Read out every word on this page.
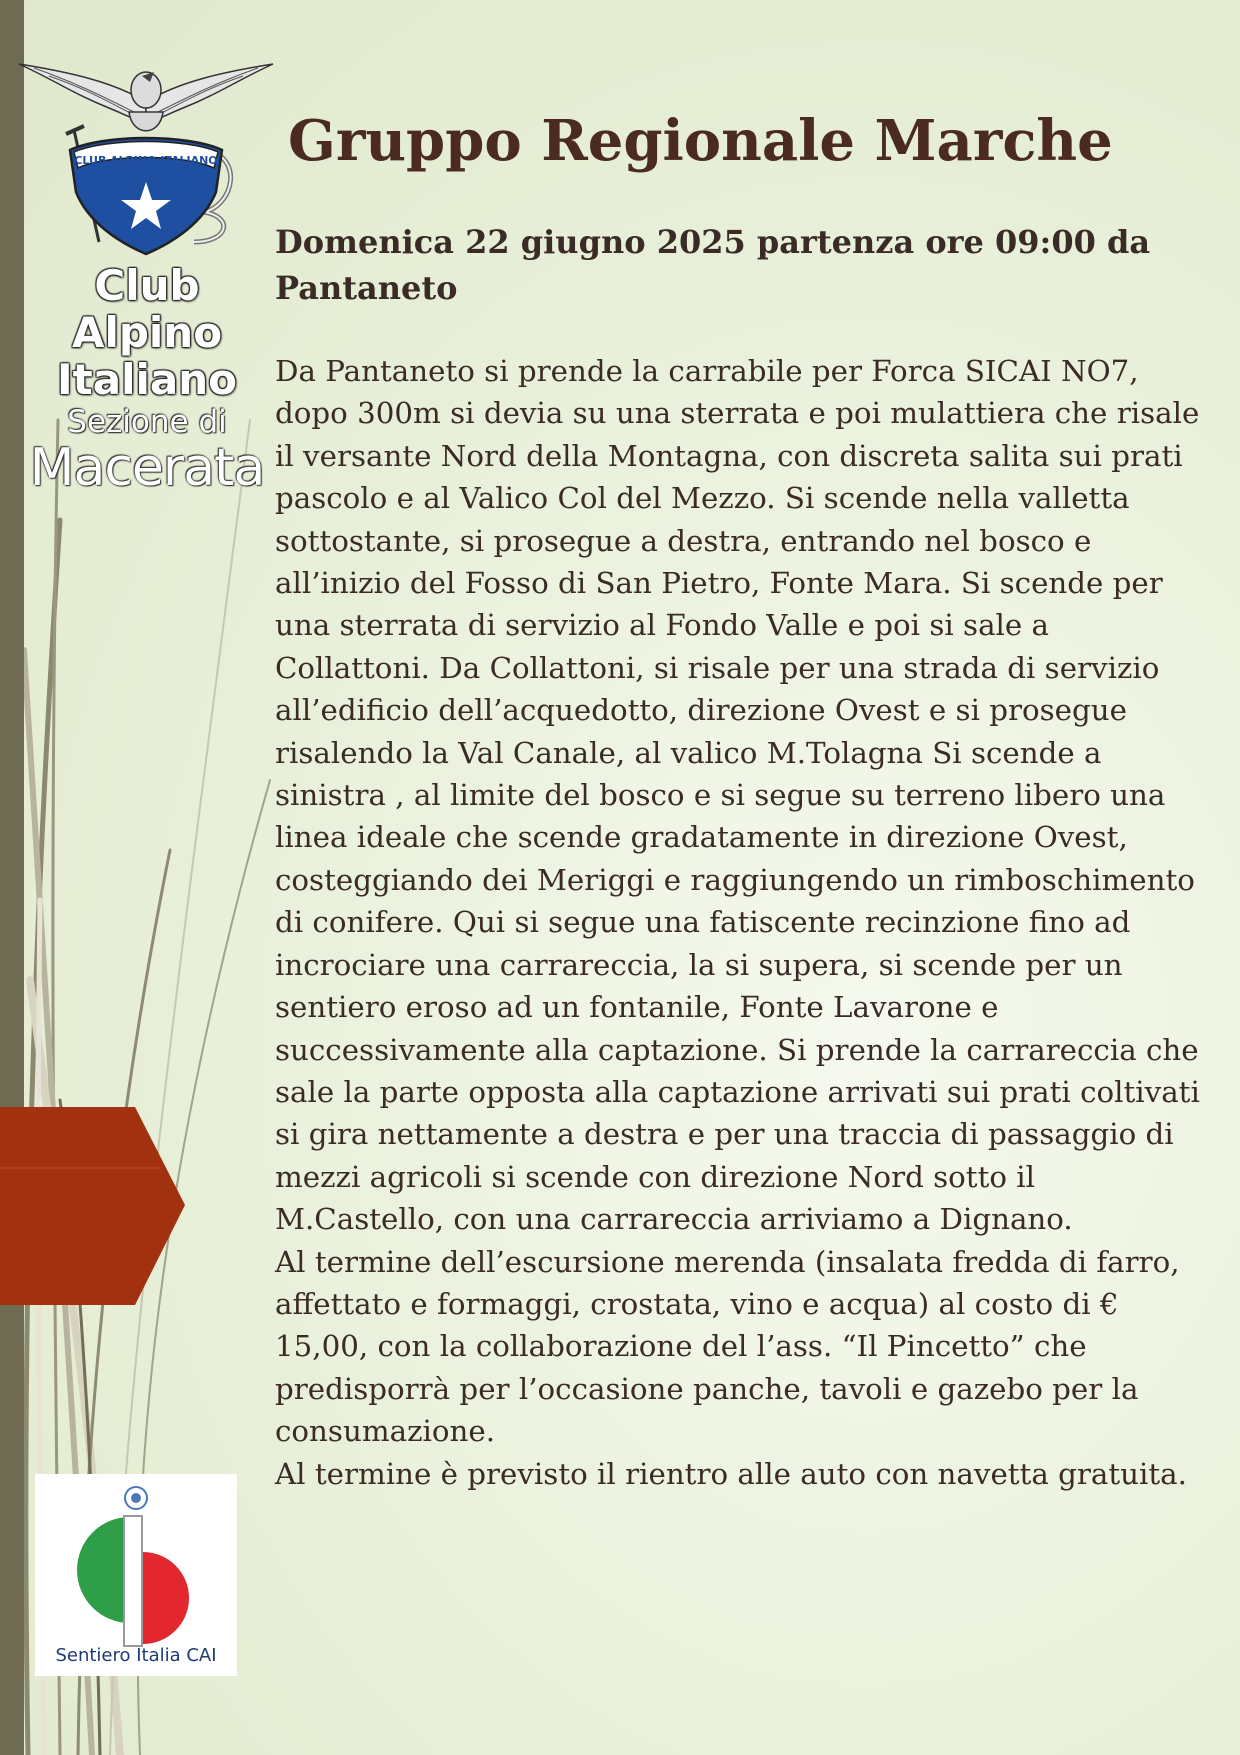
CLUB ALPINO ITALIANO
Club
Alpino
Italiano
Sezione di
Macerata
Gruppo Regionale Marche
Domenica 22 giugno 2025 partenza ore 09:00 da Pantaneto

Da Pantaneto si prende la carrabile per Forca SICAI NO7, dopo 300m si devia su una sterrata e poi mulattiera che risale il versante Nord della Montagna, con discreta salita sui prati pascolo e al Valico Col del Mezzo. Si scende nella valletta sottostante, si prosegue a destra, entrando nel bosco e all’inizio del Fosso di San Pietro, Fonte Mara. Si scende per una sterrata di servizio al Fondo Valle e poi si sale a Collattoni. Da Collattoni, si risale per una strada di servizio all’edificio dell’acquedotto, direzione Ovest e si prosegue risalendo la Val Canale, al valico M.Tolagna Si scende a sinistra , al limite del bosco e si segue su terreno libero una linea ideale che scende gradatamente in direzione Ovest, costeggiando dei Meriggi e raggiungendo un rimboschimento di conifere. Qui si segue una fatiscente recinzione fino ad incrociare una carrareccia, la si supera, si scende per un sentiero eroso ad un fontanile, Fonte Lavarone e successivamente alla captazione. Si prende la carrareccia che sale la parte opposta alla captazione arrivati sui prati coltivati si gira nettamente a destra e per una traccia di passaggio di mezzi agricoli si scende con direzione Nord sotto il M.Castello, con una carrareccia arriviamo a Dignano.

Al termine dell’escursione merenda (insalata fredda di farro, affettato e formaggi, crostata, vino e acqua) al costo di € 15,00, con la collaborazione del l’ass. “Il Pincetto” che predisporrà per l’occasione panche, tavoli e gazebo per la consumazione.

Al termine è previsto il rientro alle auto con navetta gratuita.

Sentiero Italia CAI
